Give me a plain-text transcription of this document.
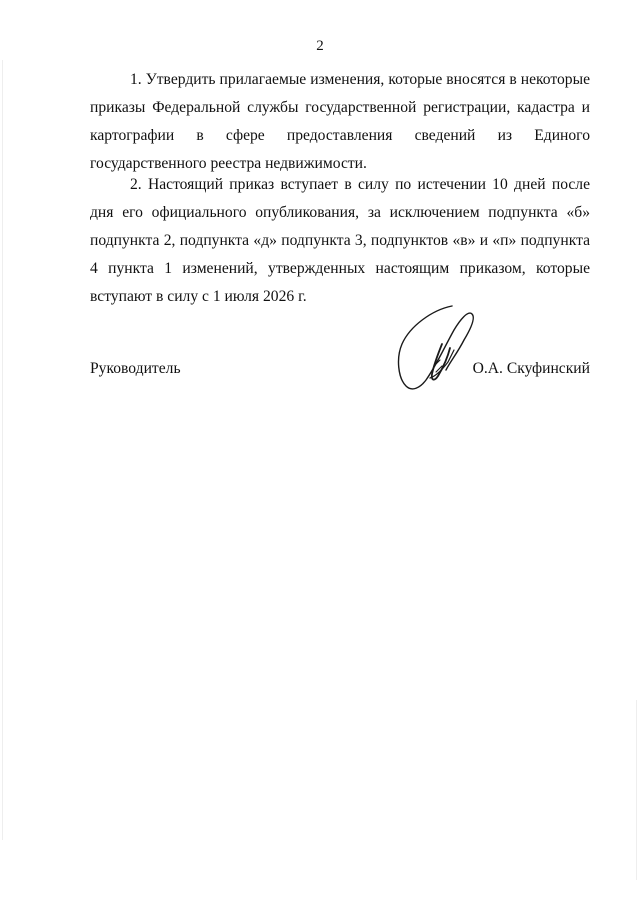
2

1. Утвердить прилагаемые изменения, которые вносятся в некоторые приказы Федеральной службы государственной регистрации, кадастра и картографии в сфере предоставления сведений из Единого государственного реестра недвижимости.

2. Настоящий приказ вступает в силу по истечении 10 дней после дня его официального опубликования, за исключением подпункта «б» подпункта 2, подпункта «д» подпункта 3, подпунктов «в» и «п» подпункта 4 пункта 1 изменений, утвержденных настоящим приказом, которые вступают в силу с 1 июля 2026 г.

Руководитель	О.А. Скуфинский
